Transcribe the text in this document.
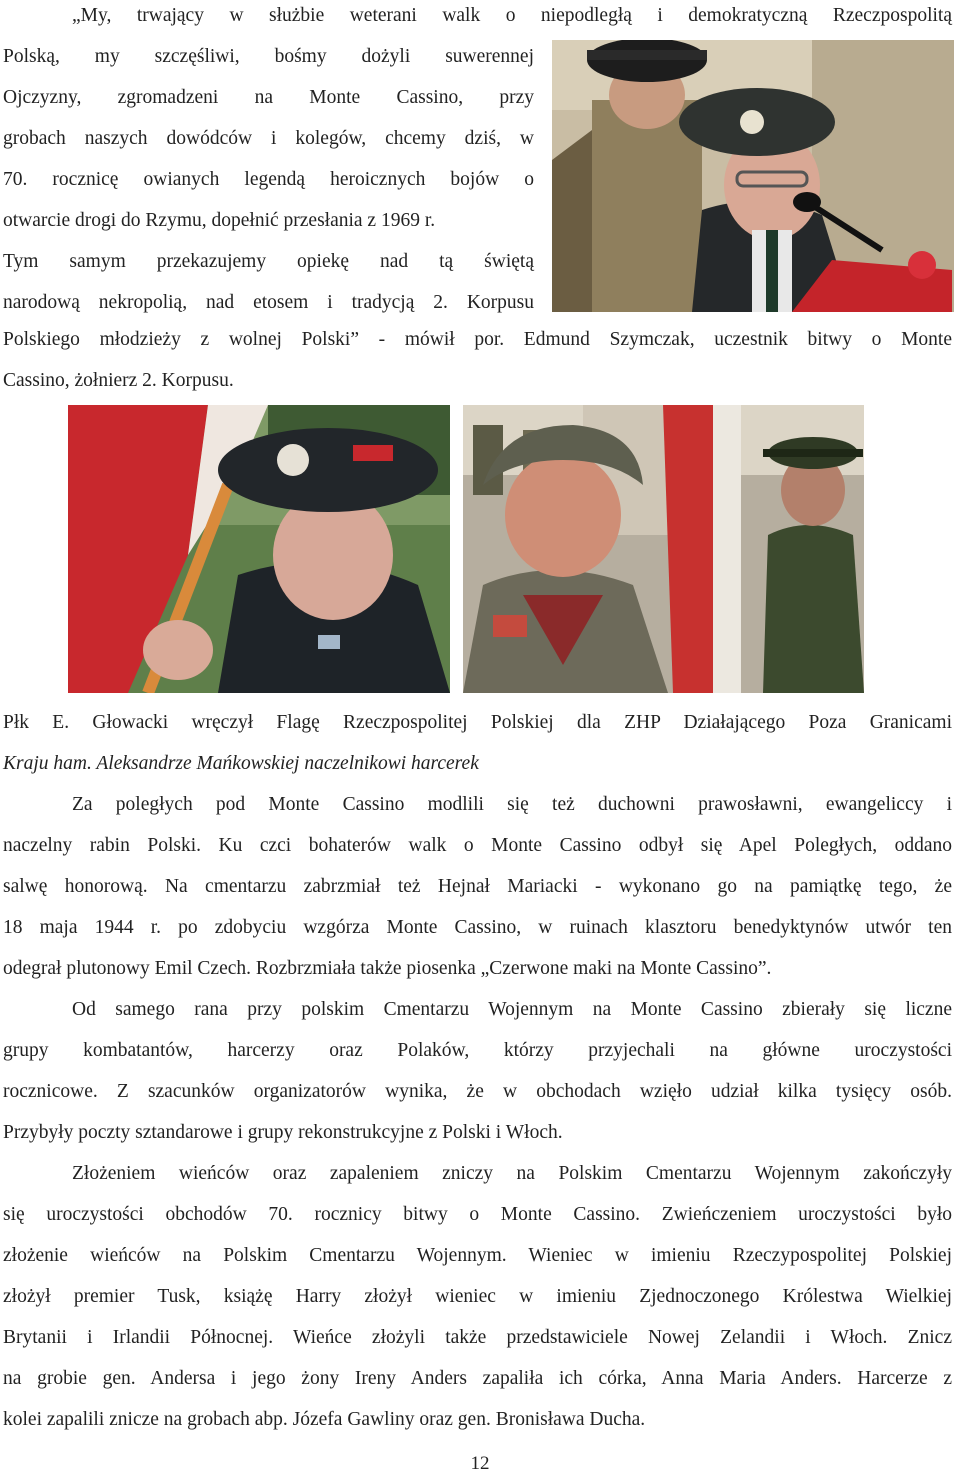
„My, trwający w służbie weterani walk o niepodległą i demokratyczną Rzeczpospolitą
Polską, my szczęśliwi, bośmy dożyli suwerennej
Ojczyzny, zgromadzeni na Monte Cassino, przy
grobach naszych dowódców i kolegów, chcemy dziś, w
70. rocznicę owianych legendą heroicznych bojów o
otwarcie drogi do Rzymu, dopełnić przesłania z 1969 r.
Tym samym przekazujemy opiekę nad tą świętą
narodową nekropolią, nad etosem i tradycją 2. Korpusu
Polskiego młodzieży z wolnej Polski” - mówił por. Edmund Szymczak, uczestnik bitwy o Monte
Cassino, żołnierz 2. Korpusu.
Płk E. Głowacki wręczył Flagę Rzeczpospolitej Polskiej dla ZHP Działającego Poza Granicami
Kraju ham. Aleksandrze Mańkowskiej naczelnikowi harcerek
Za poległych pod Monte Cassino modlili się też duchowni prawosławni, ewangeliccy i
naczelny rabin Polski. Ku czci bohaterów walk o Monte Cassino odbył się Apel Poległych, oddano
salwę honorową. Na cmentarzu zabrzmiał też Hejnał Mariacki - wykonano go na pamiątkę tego, że
18 maja 1944 r. po zdobyciu wzgórza Monte Cassino, w ruinach klasztoru benedyktynów utwór ten
odegrał plutonowy Emil Czech. Rozbrzmiała także piosenka „Czerwone maki na Monte Cassino”.
Od samego rana przy polskim Cmentarzu Wojennym na Monte Cassino zbierały się liczne
grupy kombatantów, harcerzy oraz Polaków, którzy przyjechali na główne uroczystości
rocznicowe. Z szacunków organizatorów wynika, że w obchodach wzięło udział kilka tysięcy osób.
Przybyły poczty sztandarowe i grupy rekonstrukcyjne z Polski i Włoch.
Złożeniem wieńców oraz zapaleniem zniczy na Polskim Cmentarzu Wojennym zakończyły
się uroczystości obchodów 70. rocznicy bitwy o Monte Cassino. Zwieńczeniem uroczystości było
złożenie wieńców na Polskim Cmentarzu Wojennym. Wieniec w imieniu Rzeczypospolitej Polskiej
złożył premier Tusk, książę Harry złożył wieniec w imieniu Zjednoczonego Królestwa Wielkiej
Brytanii i Irlandii Północnej. Wieńce złożyli także przedstawiciele Nowej Zelandii i Włoch. Znicz
na grobie gen. Andersa i jego żony Ireny Anders zapaliła ich córka, Anna Maria Anders. Harcerze z
kolei zapalili znicze na grobach abp. Józefa Gawliny oraz gen. Bronisława Ducha.
12
